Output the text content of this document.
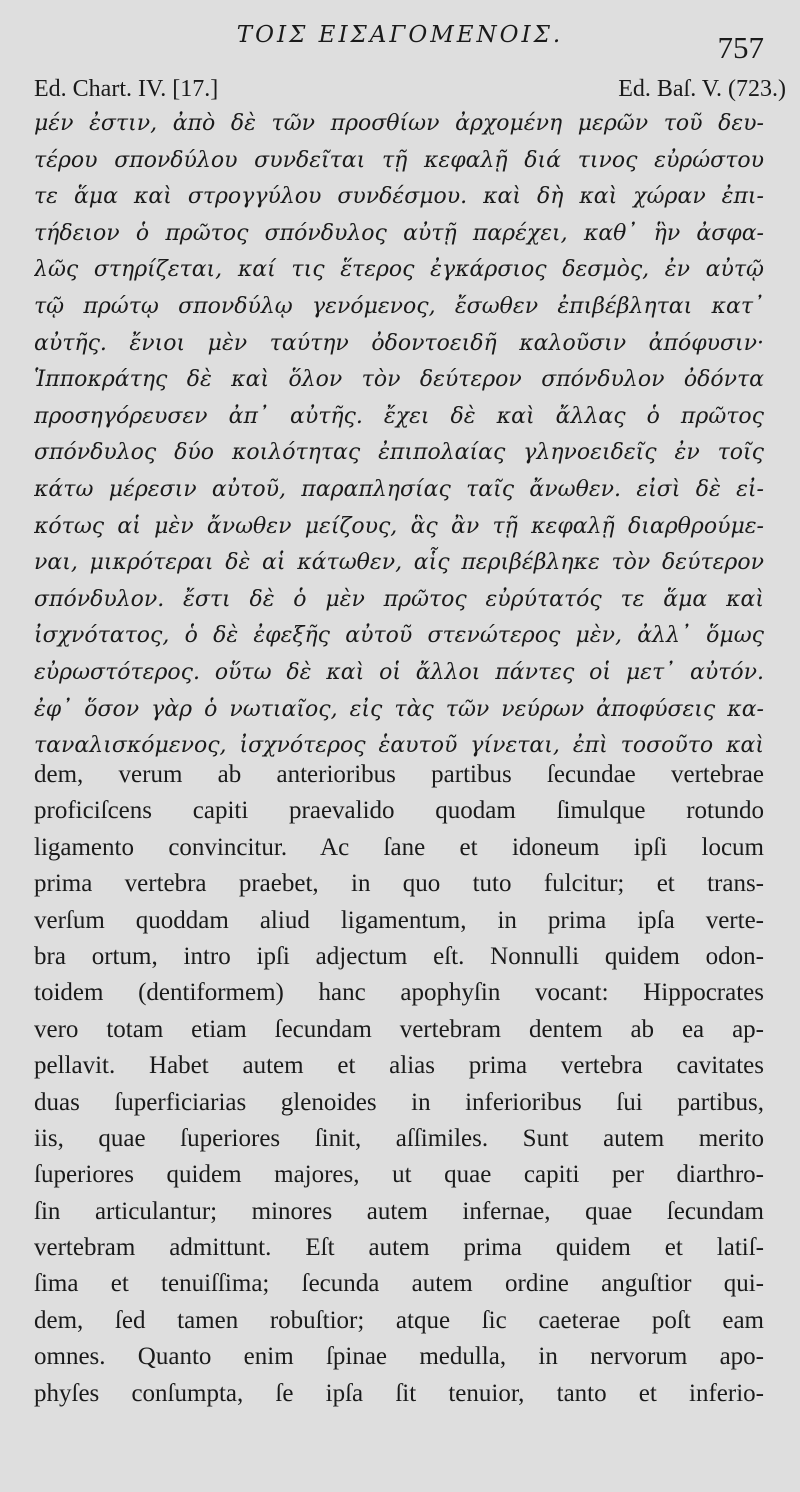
ΤΟΙΣ ΕΙΣΑΓΟΜΕΝΟΙΣ.	757
Ed. Chart. IV. [17.]	Ed. Baſ. V. (723.)
μέν ἐστιν, ἀπὸ δὲ τῶν προσθίων ἀρχομένη μερῶν τοῦ δευ-
τέρου σπονδύλου συνδεῖται τῇ κεφαλῇ διά τινος εὐρώστου
τε ἅμα καὶ στρογγύλου συνδέσμου. καὶ δὴ καὶ χώραν ἐπι-
τήδειον ὁ πρῶτος σπόνδυλος αὐτῇ παρέχει, καθ᾽ ἣν ἀσφα-
λῶς στηρίζεται, καί τις ἕτερος ἐγκάρσιος δεσμὸς, ἐν αὐτῷ
τῷ πρώτῳ σπονδύλῳ γενόμενος, ἔσωθεν ἐπιβέβληται κατ᾽
αὐτῆς. ἔνιοι μὲν ταύτην ὀδοντοειδῆ καλοῦσιν ἀπόφυσιν·
Ἱπποκράτης δὲ καὶ ὅλον τὸν δεύτερον σπόνδυλον ὀδόντα
προσηγόρευσεν ἀπ᾽ αὐτῆς. ἔχει δὲ καὶ ἄλλας ὁ πρῶτος
σπόνδυλος δύο κοιλότητας ἐπιπολαίας γληνοειδεῖς ἐν τοῖς
κάτω μέρεσιν αὐτοῦ, παραπλησίας ταῖς ἄνωθεν. εἰσὶ δὲ εἰ-
κότως αἱ μὲν ἄνωθεν μείζους, ἃς ἂν τῇ κεφαλῇ διαρθρούμε-
ναι, μικρότεραι δὲ αἱ κάτωθεν, αἷς περιβέβληκε τὸν δεύτερον
σπόνδυλον. ἔστι δὲ ὁ μὲν πρῶτος εὐρύτατός τε ἅμα καὶ
ἰσχνότατος, ὁ δὲ ἐφεξῆς αὐτοῦ στενώτερος μὲν, ἀλλ᾽ ὅμως
εὐρωστότερος. οὕτω δὲ καὶ οἱ ἄλλοι πάντες οἱ μετ᾽ αὐτόν.
ἐφ᾽ ὅσον γὰρ ὁ νωτιαῖος, εἰς τὰς τῶν νεύρων ἀποφύσεις κα-
ταναλισκόμενος, ἰσχνότερος ἑαυτοῦ γίνεται, ἐπὶ τοσοῦτο καὶ
dem, verum ab anterioribus partibus ſecundae vertebrae
proficiſcens capiti praevalido quodam ſimulque rotundo
ligamento convincitur. Ac ſane et idoneum ipſi locum
prima vertebra praebet, in quo tuto fulcitur; et trans-
verſum quoddam aliud ligamentum, in prima ipſa verte-
bra ortum, intro ipſi adjectum eſt. Nonnulli quidem odon-
toidem (dentiformem) hanc apophyſin vocant: Hippocrates
vero totam etiam ſecundam vertebram dentem ab ea ap-
pellavit. Habet autem et alias prima vertebra cavitates
duas ſuperficiarias glenoides in inferioribus ſui partibus,
iis, quae ſuperiores ſinit, aſſimiles. Sunt autem merito
ſuperiores quidem majores, ut quae capiti per diarthro-
ſin articulantur; minores autem infernae, quae ſecundam
vertebram admittunt. Eſt autem prima quidem et latiſ-
ſima et tenuiſſima; ſecunda autem ordine anguſtior qui-
dem, ſed tamen robuſtior; atque ſic caeterae poſt eam
omnes. Quanto enim ſpinae medulla, in nervorum apo-
phyſes conſumpta, ſe ipſa ſit tenuior, tanto et inferio-
